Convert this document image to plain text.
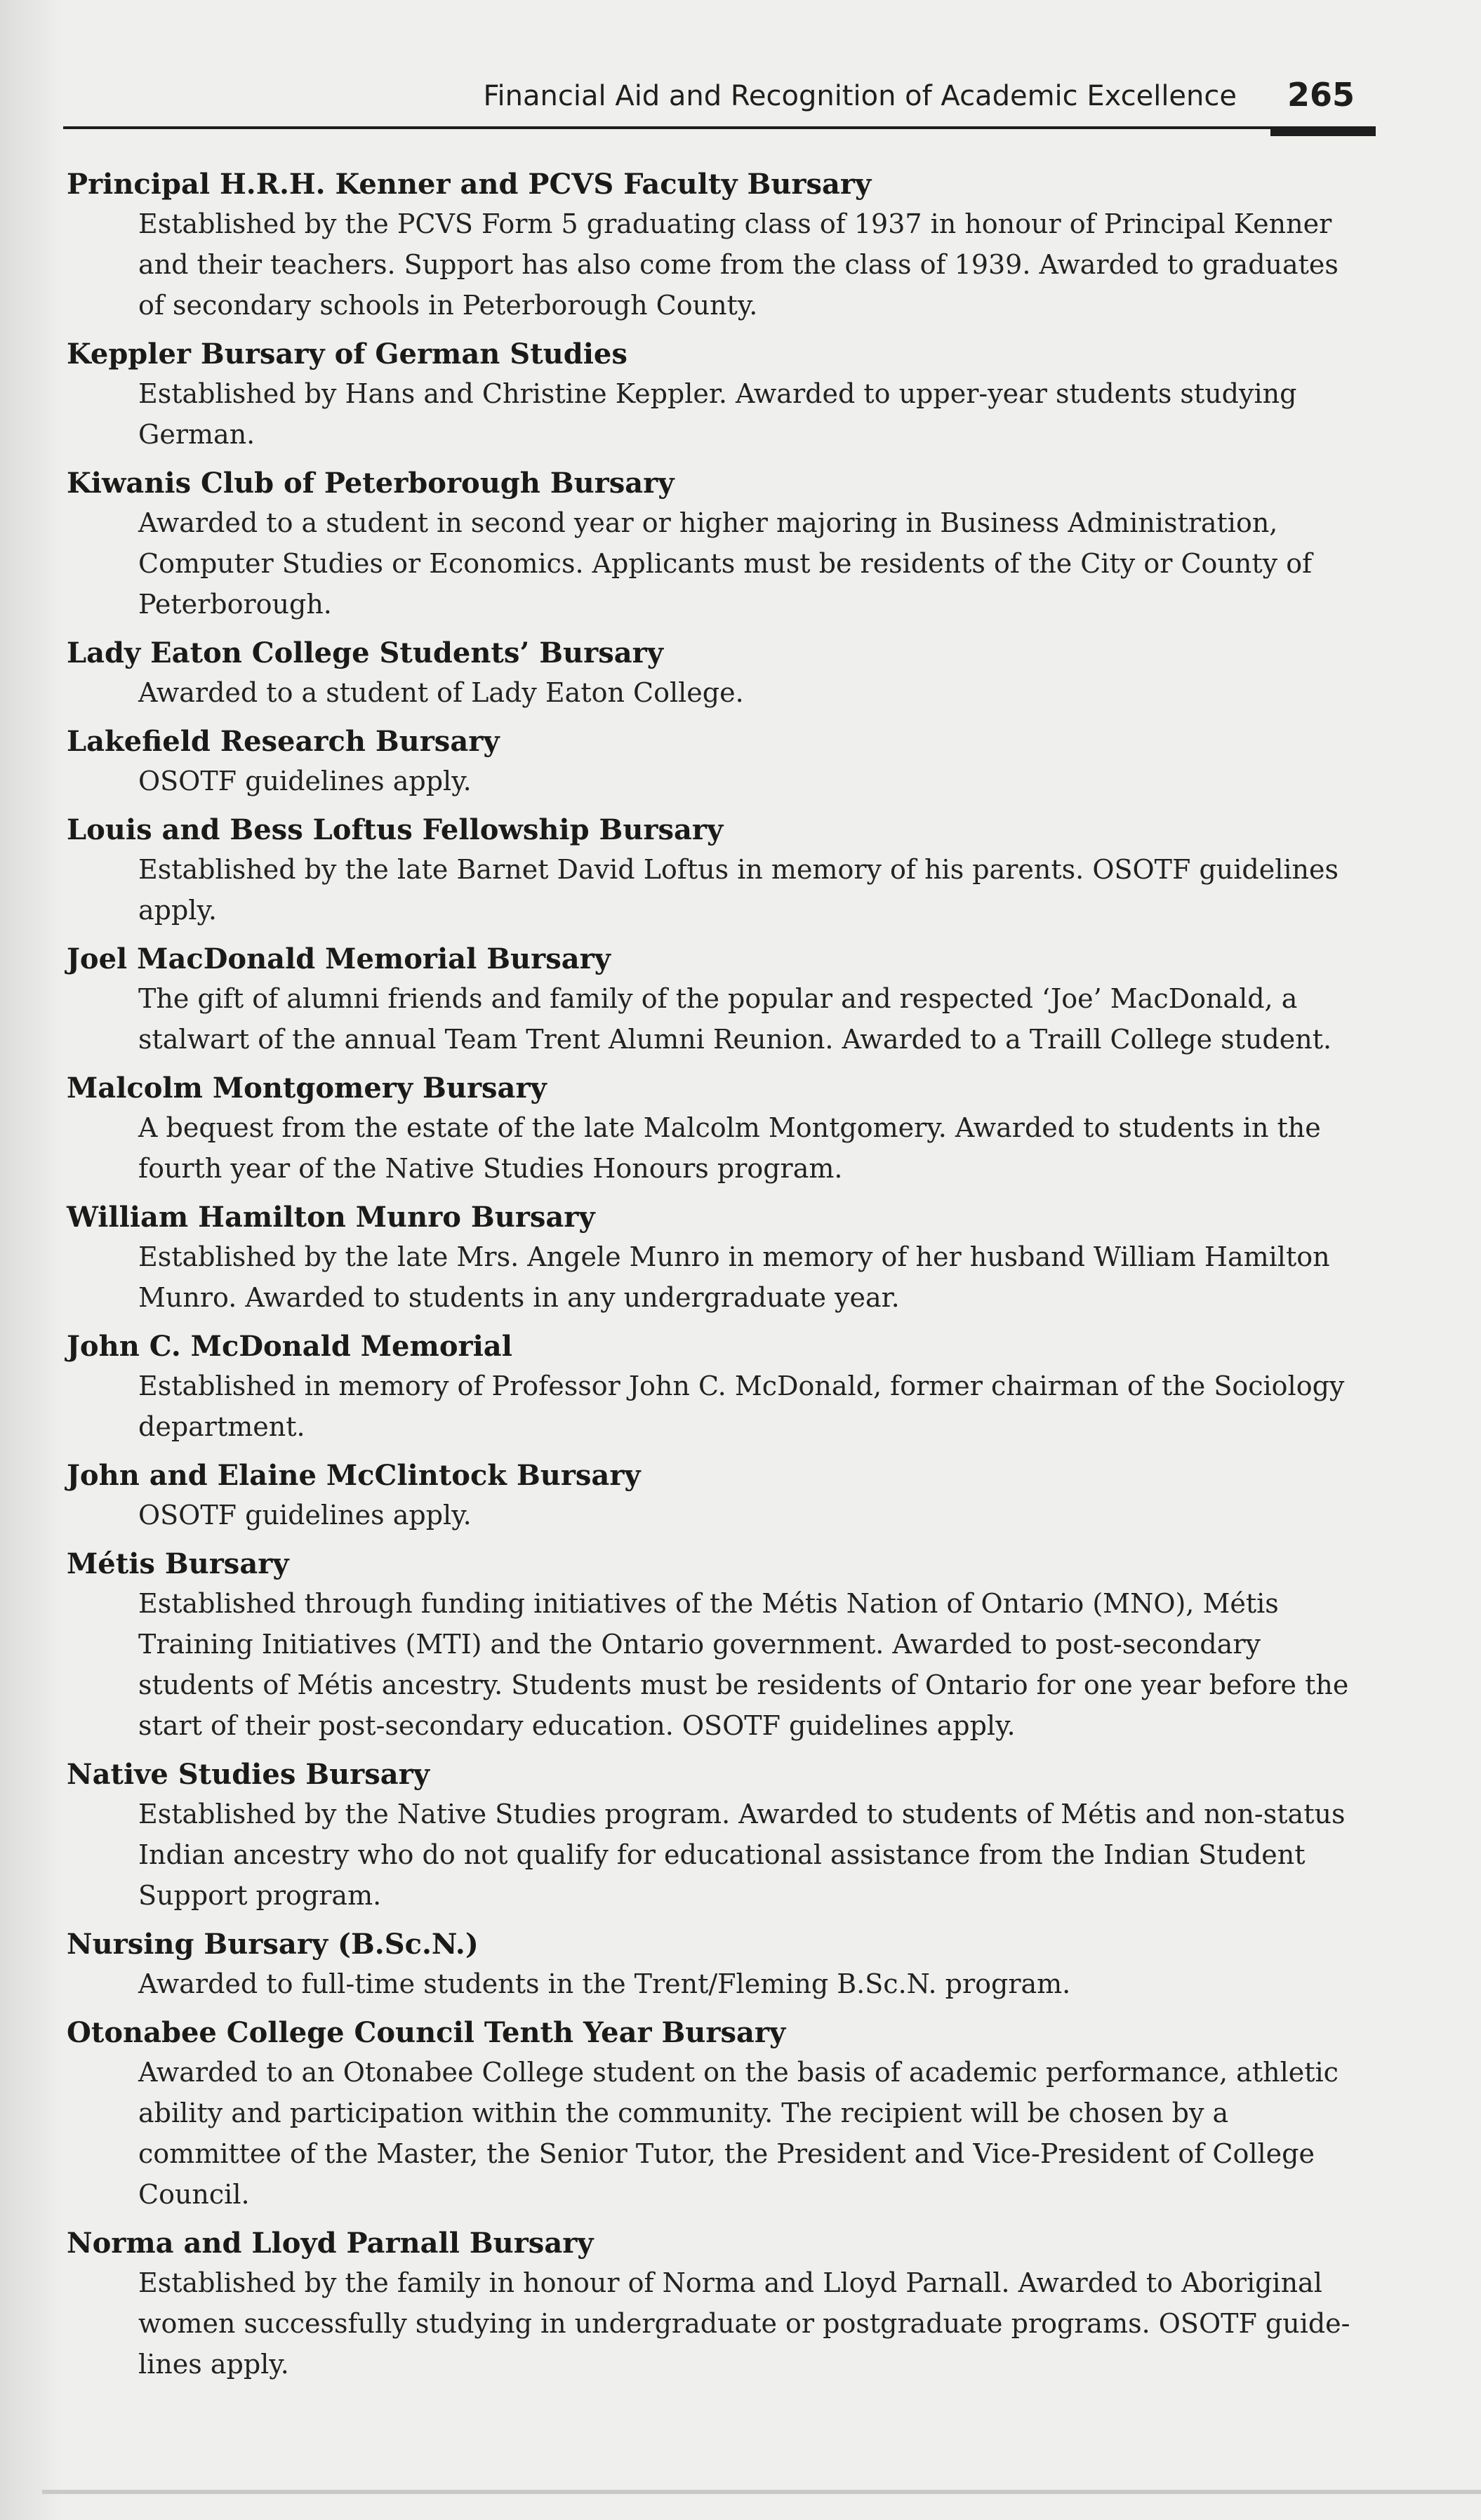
Financial Aid and Recognition of Academic Excellence 265
Principal H.R.H. Kenner and PCVS Faculty Bursary
Established by the PCVS Form 5 graduating class of 1937 in honour of Principal Kenner and their teachers. Support has also come from the class of 1939. Awarded to graduates of secondary schools in Peterborough County.
Keppler Bursary of German Studies
Established by Hans and Christine Keppler. Awarded to upper-year students studying German.
Kiwanis Club of Peterborough Bursary
Awarded to a student in second year or higher majoring in Business Administration, Computer Studies or Economics. Applicants must be residents of the City or County of Peterborough.
Lady Eaton College Students’ Bursary
Awarded to a student of Lady Eaton College.
Lakefield Research Bursary
OSOTF guidelines apply.
Louis and Bess Loftus Fellowship Bursary
Established by the late Barnet David Loftus in memory of his parents. OSOTF guidelines apply.
Joel MacDonald Memorial Bursary
The gift of alumni friends and family of the popular and respected ‘Joe’ MacDonald, a stalwart of the annual Team Trent Alumni Reunion. Awarded to a Traill College student.
Malcolm Montgomery Bursary
A bequest from the estate of the late Malcolm Montgomery. Awarded to students in the fourth year of the Native Studies Honours program.
William Hamilton Munro Bursary
Established by the late Mrs. Angele Munro in memory of her husband William Hamilton Munro. Awarded to students in any undergraduate year.
John C. McDonald Memorial
Established in memory of Professor John C. McDonald, former chairman of the Sociology department.
John and Elaine McClintock Bursary
OSOTF guidelines apply.
Métis Bursary
Established through funding initiatives of the Métis Nation of Ontario (MNO), Métis Training Initiatives (MTI) and the Ontario government. Awarded to post-secondary students of Métis ancestry. Students must be residents of Ontario for one year before the start of their post-secondary education. OSOTF guidelines apply.
Native Studies Bursary
Established by the Native Studies program. Awarded to students of Métis and non-status Indian ancestry who do not qualify for educational assistance from the Indian Student Support program.
Nursing Bursary (B.Sc.N.)
Awarded to full-time students in the Trent/Fleming B.Sc.N. program.
Otonabee College Council Tenth Year Bursary
Awarded to an Otonabee College student on the basis of academic performance, athletic ability and participation within the community. The recipient will be chosen by a committee of the Master, the Senior Tutor, the President and Vice-President of College Council.
Norma and Lloyd Parnall Bursary
Established by the family in honour of Norma and Lloyd Parnall. Awarded to Aboriginal women successfully studying in undergraduate or postgraduate programs. OSOTF guide-lines apply.
